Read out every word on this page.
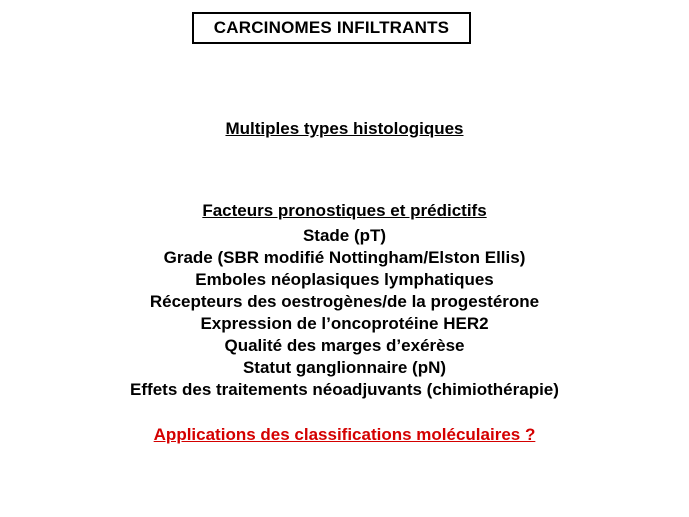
CARCINOMES INFILTRANTS
Multiples types histologiques
Facteurs pronostiques et prédictifs
Stade (pT)
Grade (SBR modifié Nottingham/Elston Ellis)
Emboles néoplasiques lymphatiques
Récepteurs des oestrogènes/de la progestérone
Expression de l’oncoprotéine HER2
Qualité des marges d’exérèse
Statut ganglionnaire (pN)
Effets des traitements néoadjuvants (chimiothérapie)
Applications des classifications moléculaires ?
